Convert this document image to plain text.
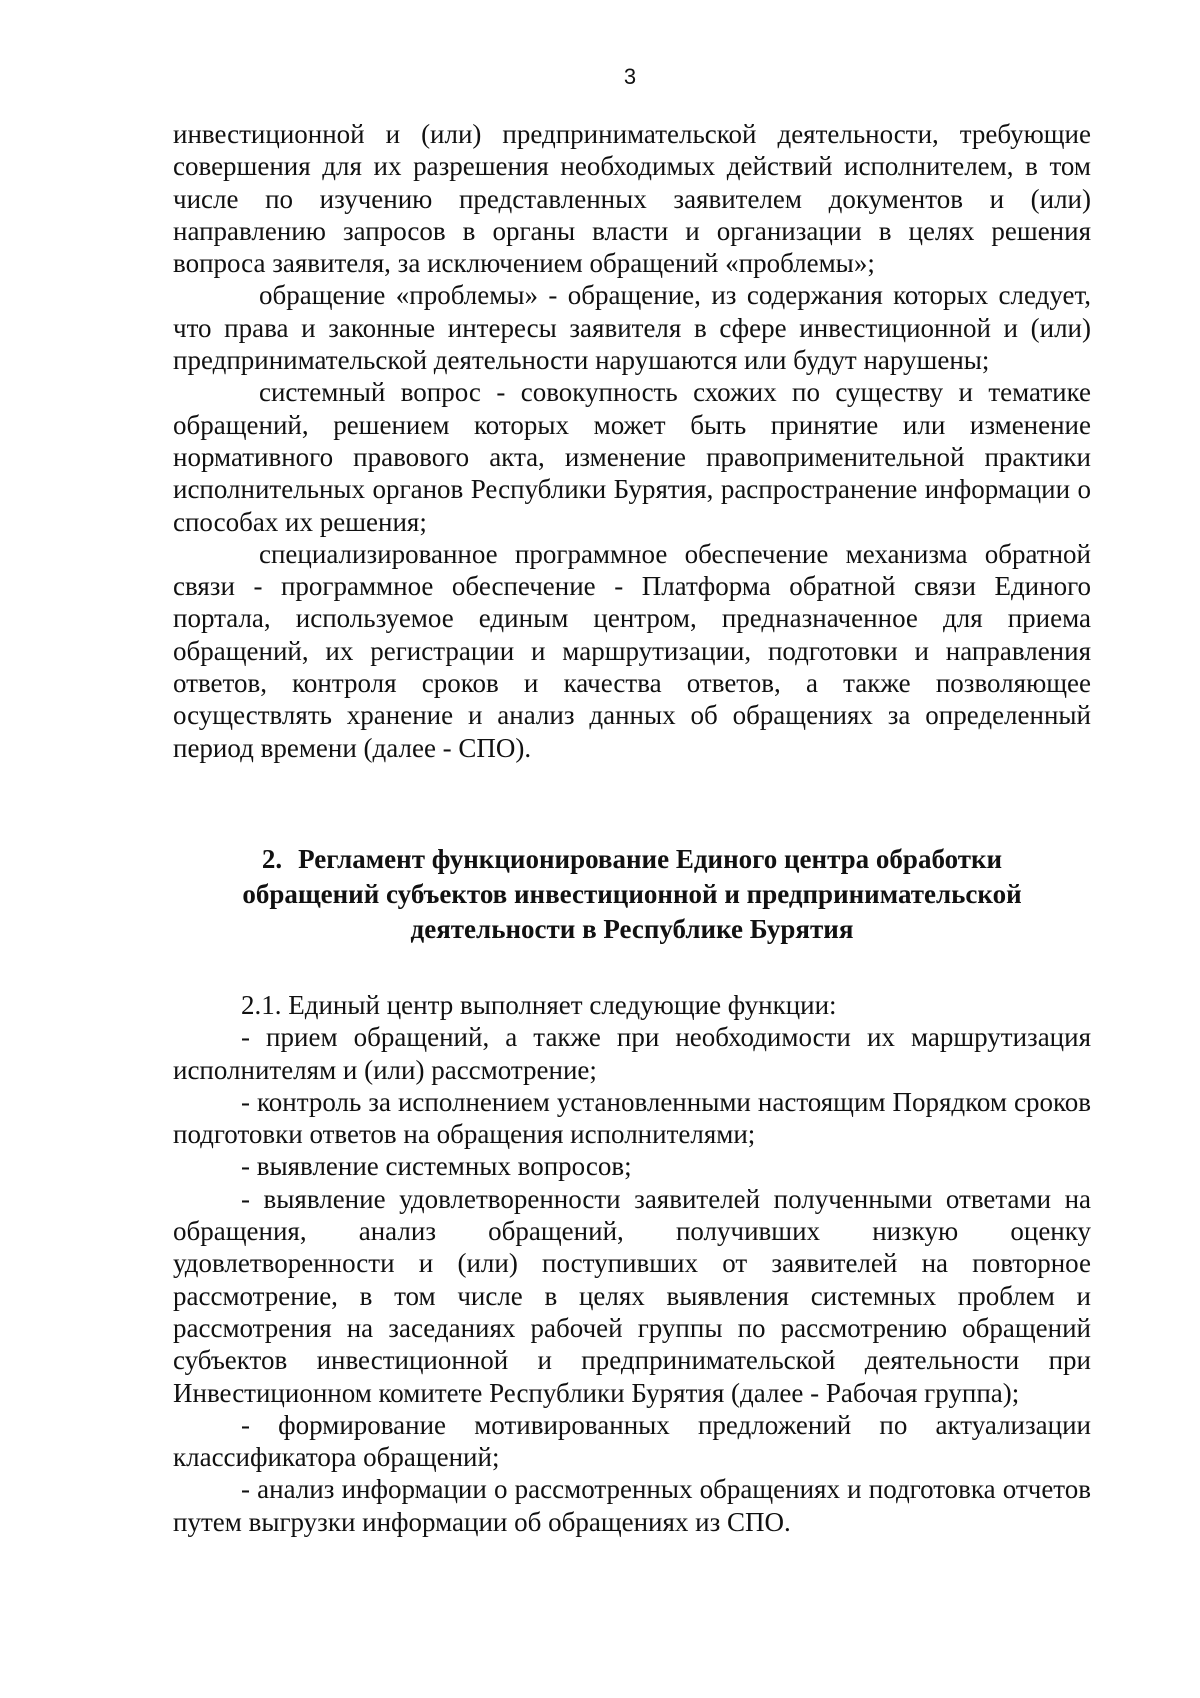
3

инвестиционной и (или) предпринимательской деятельности, требующие совершения для их разрешения необходимых действий исполнителем, в том числе по изучению представленных заявителем документов и (или) направлению запросов в органы власти и организации в целях решения вопроса заявителя, за исключением обращений «проблемы»;

обращение «проблемы» - обращение, из содержания которых следует, что права и законные интересы заявителя в сфере инвестиционной и (или) предпринимательской деятельности нарушаются или будут нарушены;

системный вопрос - совокупность схожих по существу и тематике обращений, решением которых может быть принятие или изменение нормативного правового акта, изменение правоприменительной практики исполнительных органов Республики Бурятия, распространение информации о способах их решения;

специализированное программное обеспечение механизма обратной связи - программное обеспечение - Платформа обратной связи Единого портала, используемое единым центром, предназначенное для приема обращений, их регистрации и маршрутизации, подготовки и направления ответов, контроля сроков и качества ответов, а также позволяющее осуществлять хранение и анализ данных об обращениях за определенный период времени (далее - СПО).

2. Регламент функционирование Единого центра обработки
обращений субъектов инвестиционной и предпринимательской
деятельности в Республике Бурятия

2.1. Единый центр выполняет следующие функции:

- прием обращений, а также при необходимости их маршрутизация исполнителям и (или) рассмотрение;

- контроль за исполнением установленными настоящим Порядком сроков подготовки ответов на обращения исполнителями;

- выявление системных вопросов;

- выявление удовлетворенности заявителей полученными ответами на обращения, анализ обращений, получивших низкую оценку удовлетворенности и (или) поступивших от заявителей на повторное рассмотрение, в том числе в целях выявления системных проблем и рассмотрения на заседаниях рабочей группы по рассмотрению обращений субъектов инвестиционной и предпринимательской деятельности при Инвестиционном комитете Республики Бурятия (далее - Рабочая группа);

- формирование мотивированных предложений по актуализации классификатора обращений;

- анализ информации о рассмотренных обращениях и подготовка отчетов путем выгрузки информации об обращениях из СПО.
